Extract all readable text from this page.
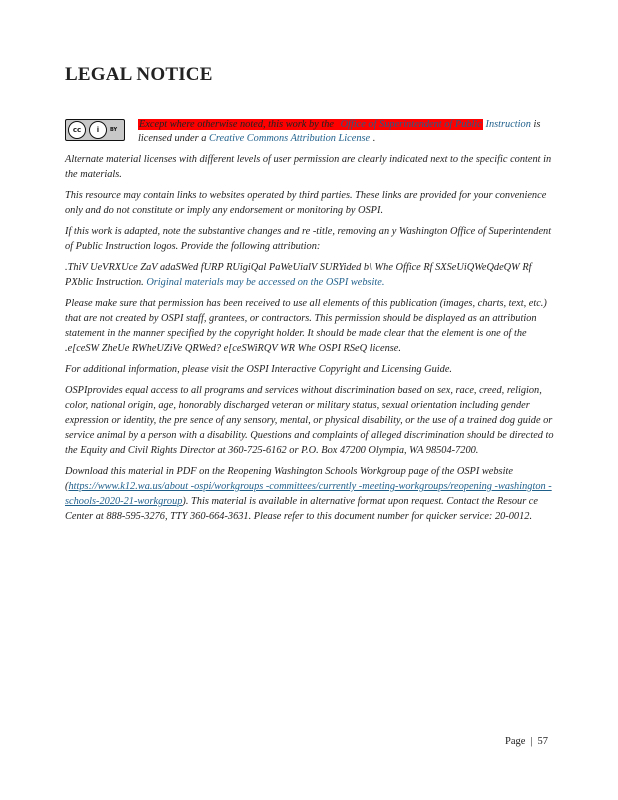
LEGAL NOTICE
cc	i	BY Except where otherwise noted, this work by the Office of Superintendent of Public Instruction is licensed under a Creative Commons Attribution License .

Alternate material licenses with different levels of user permission are clearly indicated next to the specific content in the materials.

This resource may contain links to websites operated by third parties. These links are provided for your convenience only and do not constitute or imply any endorsement or monitoring by OSPI.

If this work is adapted, note the substantive changes and re -title, removing an y Washington Office of Superintendent of Public Instruction logos. Provide the following attribution:

.ThiV UeVRXUce ZaV adaSWed fURP RUigiQal PaWeUialV SURYided b\ Whe Office Rf SXSeUiQWeQdeQW Rf PXblic Instruction. Original materials may be accessed on the OSPI website.

Please make sure that permission has been received to use all elements of this publication (images, charts, text, etc.) that are not created by OSPI staff, grantees, or contractors. This permission should be displayed as an attribution statement in the manner specified by the copyright holder. It should be made clear that the element is one of the .e[ceSW ZheUe RWheUZiVe QRWed? e[ceSWiRQV WR Whe OSPI RSeQ license.

For additional information, please visit the OSPI Interactive Copyright and Licensing Guide.

OSPIprovides equal access to all programs and services without discrimination based on sex, race, creed, religion, color, national origin, age, honorably discharged veteran or military status, sexual orientation including gender expression or identity, the pre sence of any sensory, mental, or physical disability, or the use of a trained dog guide or service animal by a person with a disability. Questions and complaints of alleged discrimination should be directed to the Equity and Civil Rights Director at 360-725-6162 or P.O. Box 47200 Olympia, WA 98504-7200.

Download this material in PDF on the Reopening Washington Schools Workgroup page of the OSPI website (https://www.k12.wa.us/about -ospi/workgroups -committees/currently -meeting-workgroups/reopening -washington -schools-2020-21-workgroup). This material is available in alternative format upon request. Contact the Resour ce Center at 888-595-3276, TTY 360-664-3631. Please refer to this document number for quicker service: 20-0012.

Page | 57
